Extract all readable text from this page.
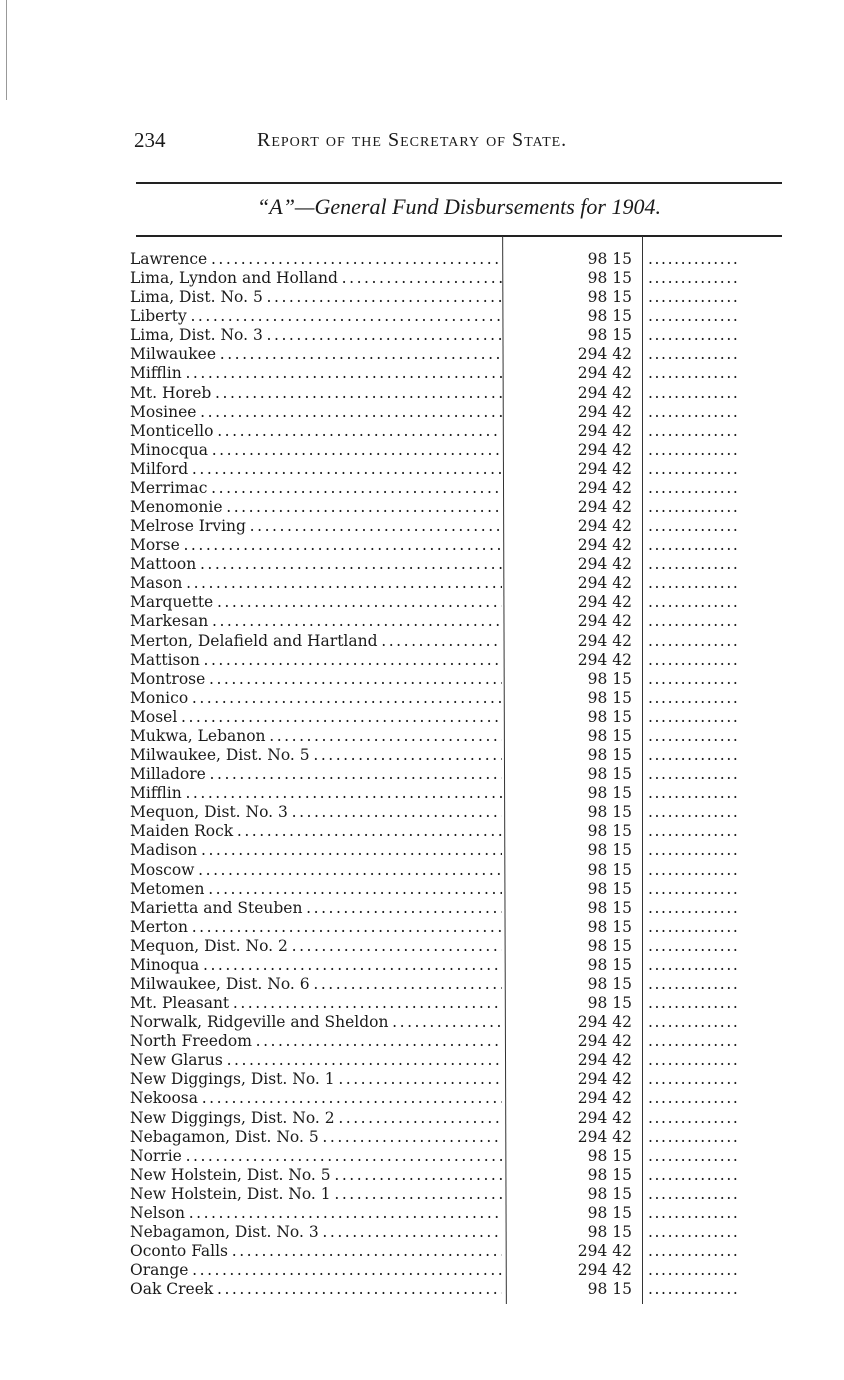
234	Report of the Secretary of State.
“A”—General Fund Disbursements for 1904.
Lawrence . . .	98 15 ..............
Lima, Lyndon and Holland . . .	98 15 ..............
Lima, Dist. No. 5 . . .	98 15 ..............
Liberty . . .	98 15 ..............
Lima, Dist. No. 3 . . .	98 15 ..............
Milwaukee . . .	294 42 ..............
Mifflin . . .	294 42 ..............
Mt. Horeb . . .	294 42 ..............
Mosinee . . .	294 42 ..............
Monticello . . .	294 42 ..............
Minocqua . . .	294 42 ..............
Milford . . .	294 42 ..............
Merrimac . . .	294 42 ..............
Menomonie . . .	294 42 ..............
Melrose Irving . . .	294 42 ..............
Morse . . .	294 42 ..............
Mattoon . . .	294 42 ..............
Mason . . .	294 42 ..............
Marquette . . .	294 42 ..............
Markesan . . .	294 42 ..............
Merton, Delafield and Hartland . . .	294 42 ..............
Mattison . . .	294 42 ..............
Montrose . . .	98 15 ..............
Monico . . .	98 15 ..............
Mosel . . .	98 15 ..............
Mukwa, Lebanon . . .	98 15 ..............
Milwaukee, Dist. No. 5 . . .	98 15 ..............
Milladore . . .	98 15 ..............
Mifflin . . .	98 15 ..............
Mequon, Dist. No. 3 . . .	98 15 ..............
Maiden Rock . . .	98 15 ..............
Madison . . .	98 15 ..............
Moscow . . .	98 15 ..............
Metomen . . .	98 15 ..............
Marietta and Steuben . . .	98 15 ..............
Merton . . .	98 15 ..............
Mequon, Dist. No. 2 . . .	98 15 ..............
Minoqua . . .	98 15 ..............
Milwaukee, Dist. No. 6 . . .	98 15 ..............
Mt. Pleasant . . .	98 15 ..............
Norwalk, Ridgeville and Sheldon . . .	294 42 ..............
North Freedom . . .	294 42 ..............
New Glarus . . .	294 42 ..............
New Diggings, Dist. No. 1 . . .	294 42 ..............
Nekoosa . . .	294 42 ..............
New Diggings, Dist. No. 2 . . .	294 42 ..............
Nebagamon, Dist. No. 5 . . .	294 42 ..............
Norrie . . .	98 15 ..............
New Holstein, Dist. No. 5 . . .	98 15 ..............
New Holstein, Dist. No. 1 . . .	98 15 ..............
Nelson . . .	98 15 ..............
Nebagamon, Dist. No. 3 . . .	98 15 ..............
Oconto Falls . . .	294 42 ..............
Orange . . .	294 42 ..............
Oak Creek . . .	98 15 ..............
